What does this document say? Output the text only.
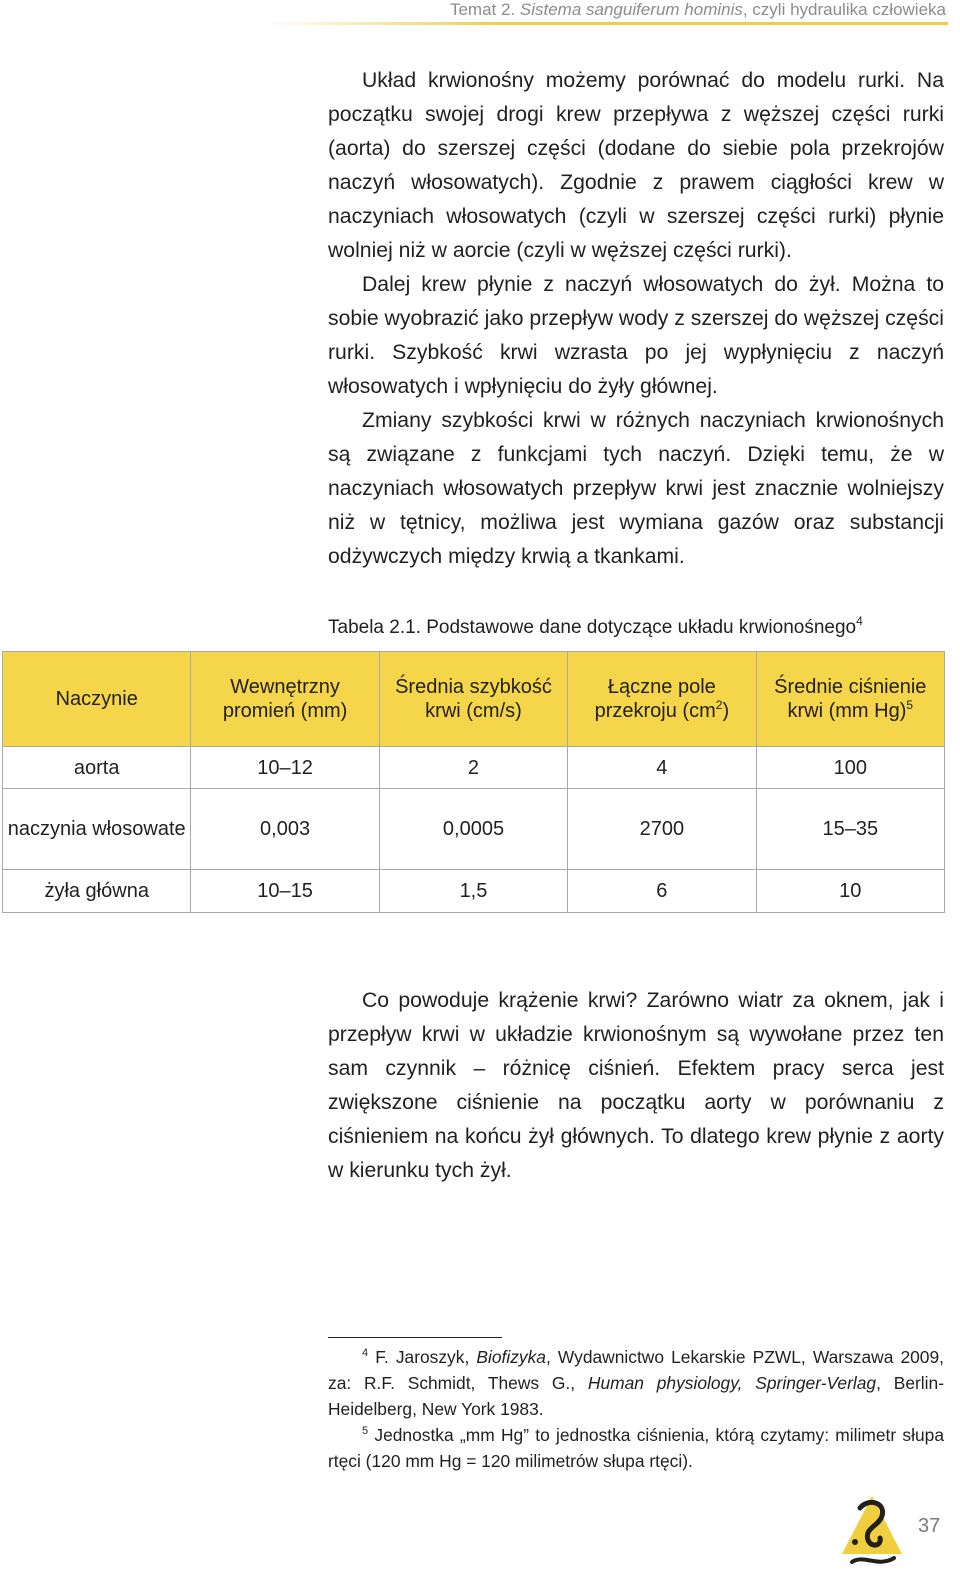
Temat 2. Sistema sanguiferum hominis, czyli hydraulika człowieka

Układ krwionośny możemy porównać do modelu rurki. Na początku swojej drogi krew przepływa z węższej części rurki (aorta) do szerszej części (dodane do siebie pola przekrojów naczyń włosowatych). Zgodnie z prawem ciągłości krew w naczyniach włosowatych (czyli w szerszej części rurki) płynie wolniej niż w aorcie (czyli w węższej części rurki).

Dalej krew płynie z naczyń włosowatych do żył. Można to sobie wyobrazić jako przepływ wody z szerszej do węższej części rurki. Szybkość krwi wzrasta po jej wypłynięciu z naczyń włosowatych i wpłynięciu do żyły głównej.

Zmiany szybkości krwi w różnych naczyniach krwionośnych są związane z funkcjami tych naczyń. Dzięki temu, że w naczyniach włosowatych przepływ krwi jest znacznie wolniejszy niż w tętnicy, możliwa jest wymiana gazów oraz substancji odżywczych między krwią a tkankami.

Tabela 2.1. Podstawowe dane dotyczące układu krwionośnego$^4$
Naczynie	Wewnętrzny promień (mm)	Średnia szybkość krwi (cm/s)	Łączne pole przekroju $(cm^2)$	Średnie ciśnienie krwi (mm Hg)$^5$
aorta	10–12	2	4	100
naczynia włosowate	0,003	0,0005	2700	15–35
żyła główna	10–15	1,5	6	10

Co powoduje krążenie krwi? Zarówno wiatr za oknem, jak i przepływ krwi w układzie krwionośnym są wywołane przez ten sam czynnik – różnicę ciśnień. Efektem pracy serca jest zwiększone ciśnienie na początku aorty w porównaniu z ciśnieniem na końcu żył głównych. To dlatego krew płynie z aorty w kierunku tych żył.

$^4$ F. Jaroszyk, Biofizyka, Wydawnictwo Lekarskie PZWL, Warszawa 2009, za: R.F. Schmidt, Thews G., Human physiology, Springer-Verlag, Berlin-Heidelberg, New York 1983.

$^5$ Jednostka „mm Hg” to jednostka ciśnienia, którą czytamy: milimetr słupa rtęci (120 mm Hg = 120 milimetrów słupa rtęci).

37
